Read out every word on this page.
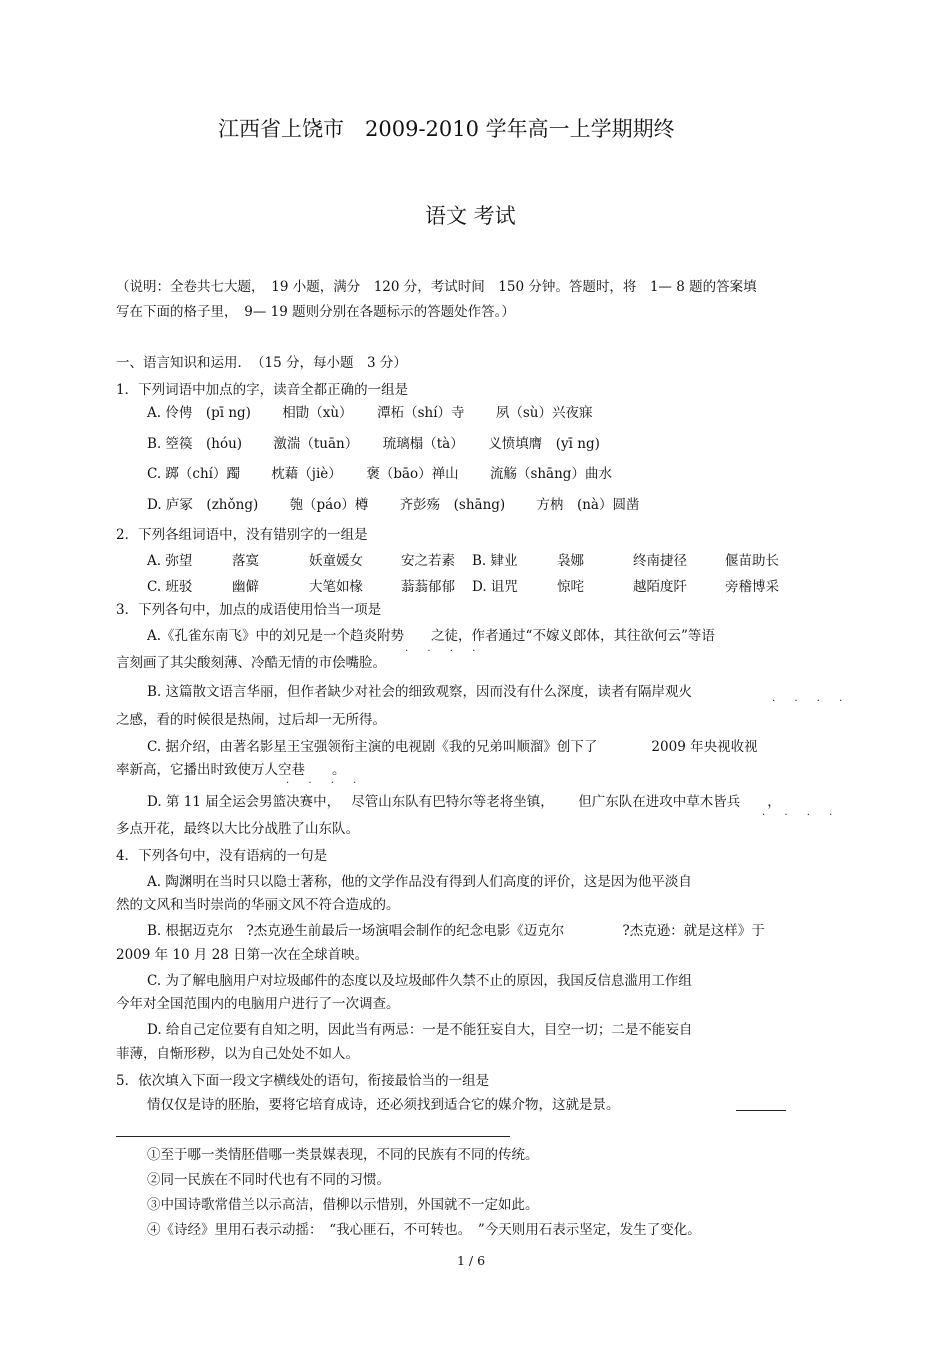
江西省上饶市　2009-2010 学年高一上学期期终
语文 考试
（说明：全卷共七大题，　19 小题，满分　120 分，考试时间　150 分钟。答题时，将　1— 8 题的答案填
写在下面的格子里，　9— 19 题则分别在各题标示的答题处作答。）
一、语言知识和运用．　（15 分，每小题　3 分）
1．下列词语中加点的字，读音全都正确的一组是
A. 伶俜　(pī ng)　　 相勖（xù）　　 潭柘（shí）寺　　 夙（sù）兴夜寐
B. 箜篌　(hóu)　　 激湍（tuān）　　 琉璃榻（tà）　　 义愤填膺　(yī ng)
C. 踯（chí）躅　　 枕藉（jiè）　　 褒（bāo）禅山　　 流觞（shāng）曲水
D. 庐冢　(zhǒng)　　 匏（páo）樽　　 齐彭殇　(shāng)　　 方枘　(nà）圆凿
2．下列各组词语中，没有错别字的一组是
A. 弥望	落寞	妖童媛女	安之若素 B. 肄业	袅娜	终南捷径	偃苗助长
C. 班驳	幽僻	大笔如椽	蓊蓊郁郁 D. 诅咒	惊咤	越陌度阡	旁稽博采
3．下列各句中，加点的成语使用恰当一项是
A.《孔雀东南飞》中的刘兄是一个趋炎附势　　之徒，作者通过“不嫁义郎体，其往欲何云”等语
. . . .
言刻画了其尖酸刻薄、冷酷无情的市侩嘴脸。
B. 这篇散文语言华丽，但作者缺少对社会的细致观察，因而没有什么深度，读者有隔岸观火	. . . .
之感，看的时候很是热闹，过后却一无所得。
C. 据介绍，由著名影星王宝强领衔主演的电视剧《我的兄弟叫顺溜》创下了　　　　2009 年央视收视
率新高，它播出时致使万人空巷　　。
. . . .
D. 第 11 届全运会男篮决赛中，　 尽管山东队有巴特尔等老将坐镇，　　 但广东队在进攻中草木皆兵　　，
. . . .
多点开花，最终以大比分战胜了山东队。
4．下列各句中，没有语病的一句是
A. 陶渊明在当时只以隐士著称，他的文学作品没有得到人们高度的评价，这是因为他平淡自
然的文风和当时崇尚的华丽文风不符合造成的。
B. 根据迈克尔　?杰克逊生前最后一场演唱会制作的纪念电影《迈克尔　　　　 ?杰克逊：就是这样》于
2009 年 10 月 28 日第一次在全球首映。
C. 为了解电脑用户对垃圾邮件的态度以及垃圾邮件久禁不止的原因，我国反信息滥用工作组
今年对全国范围内的电脑用户进行了一次调查。
D. 给自己定位要有自知之明，因此当有两忌：一是不能狂妄自大，目空一切；二是不能妄自
菲薄，自惭形秽，以为自己处处不如人。
5．依次填入下面一段文字横线处的语句，衔接最恰当的一组是
情仅仅是诗的胚胎，要将它培育成诗，还必须找到适合它的媒介物，这就是景。
①至于哪一类情胚借哪一类景媒表现，不同的民族有不同的传统。
②同一民族在不同时代也有不同的习惯。
③中国诗歌常借兰以示高洁，借柳以示惜别，外国就不一定如此。
④《诗经》里用石表示动摇：　“我心匪石，不可转也。　”今天则用石表示坚定，发生了变化。
1 / 6
